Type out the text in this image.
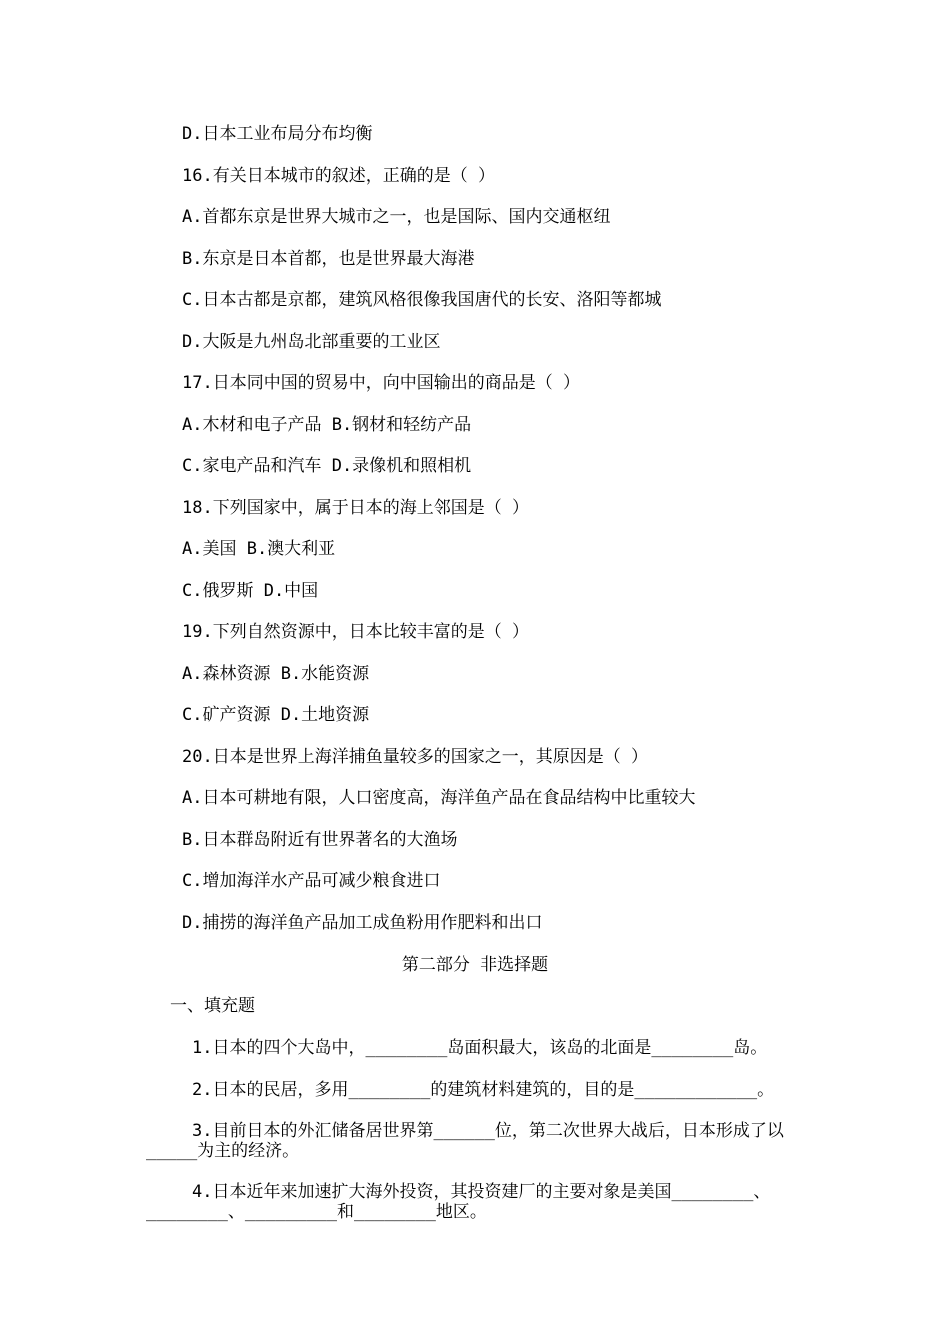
D.日本工业布局分布均衡
16.有关日本城市的叙述，正确的是（ ）
A.首都东京是世界大城市之一，也是国际、国内交通枢纽
B.东京是日本首都，也是世界最大海港
C.日本古都是京都，建筑风格很像我国唐代的长安、洛阳等都城
D.大阪是九州岛北部重要的工业区
17.日本同中国的贸易中，向中国输出的商品是（ ）
A.木材和电子产品 B.钢材和轻纺产品
C.家电产品和汽车 D.录像机和照相机
18.下列国家中，属于日本的海上邻国是（ ）
A.美国 B.澳大利亚
C.俄罗斯 D.中国
19.下列自然资源中，日本比较丰富的是（ ）
A.森林资源 B.水能资源
C.矿产资源 D.土地资源
20.日本是世界上海洋捕鱼量较多的国家之一，其原因是（ ）
A.日本可耕地有限，人口密度高，海洋鱼产品在食品结构中比重较大
B.日本群岛附近有世界著名的大渔场
C.增加海洋水产品可减少粮食进口
D.捕捞的海洋鱼产品加工成鱼粉用作肥料和出口
第二部分 非选择题
一、填充题
1.日本的四个大岛中，________岛面积最大，该岛的北面是________岛。
2.日本的民居，多用________的建筑材料建筑的，目的是____________。
3.目前日本的外汇储备居世界第______位，第二次世界大战后，日本形成了以_____为主的经济。
4.日本近年来加速扩大海外投资，其投资建厂的主要对象是美国________、________、_________和________地区。
